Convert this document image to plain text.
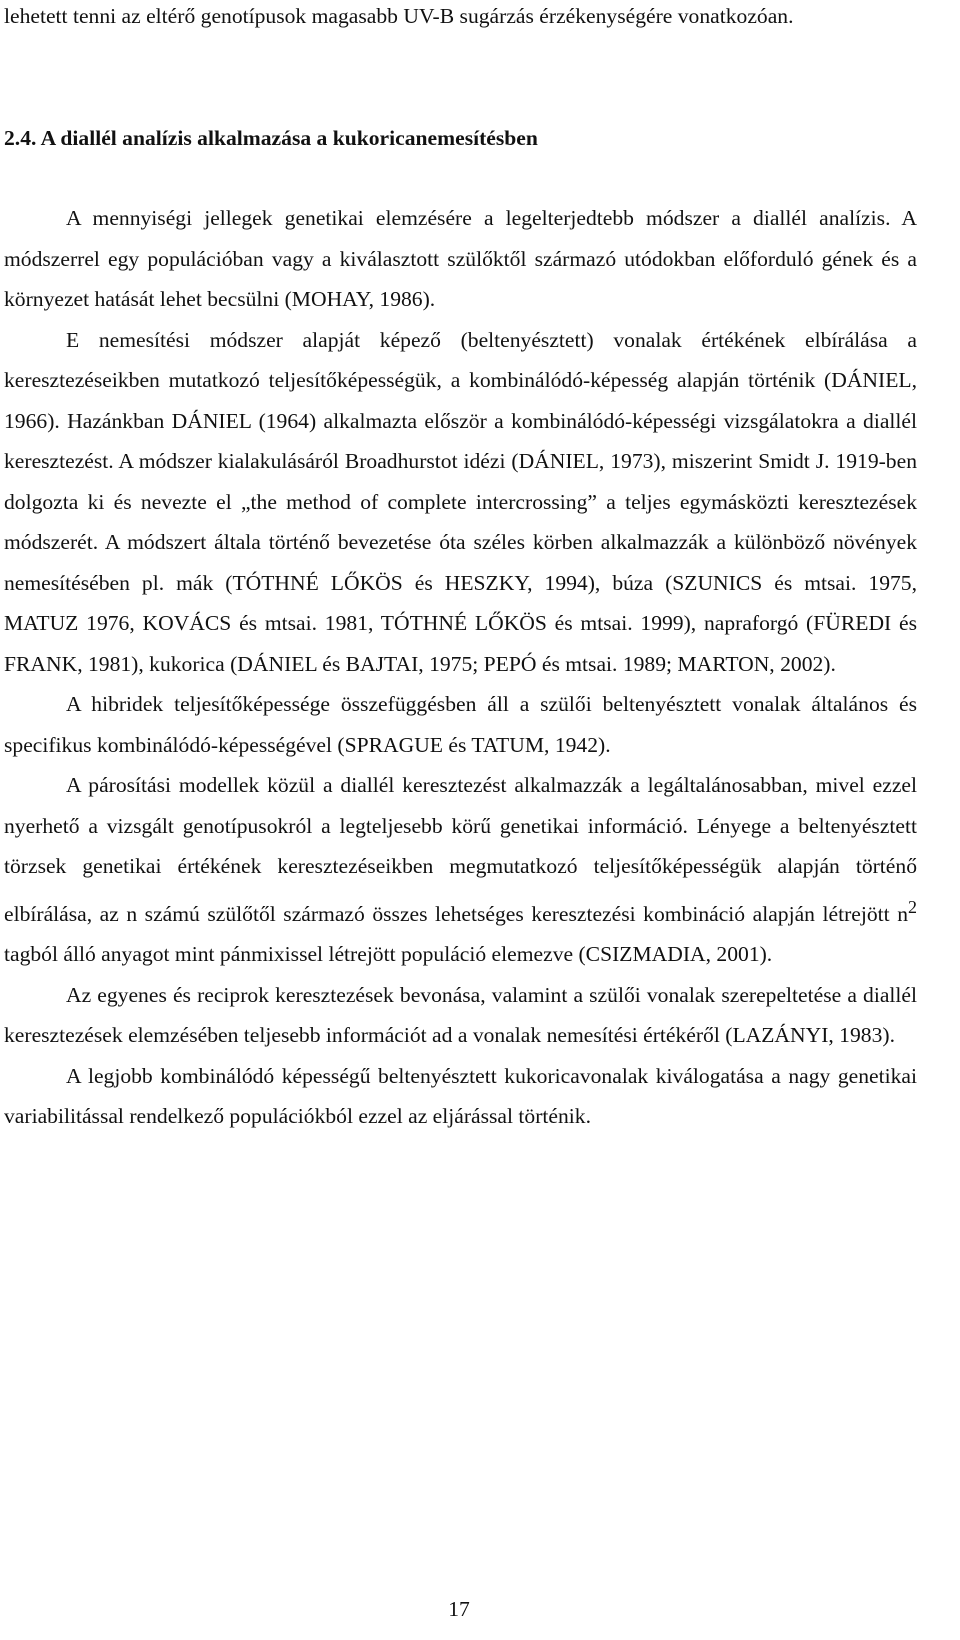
lehetett tenni az eltérő genotípusok magasabb UV-B sugárzás érzékenységére vonatkozóan.

2.4. A diallél analízis alkalmazása a kukoricanemesítésben

A mennyiségi jellegek genetikai elemzésére a legelterjedtebb módszer a diallél analízis. A módszerrel egy populációban vagy a kiválasztott szülőktől származó utódokban előforduló gének és a környezet hatását lehet becsülni (MOHAY, 1986).

E nemesítési módszer alapját képező (beltenyésztett) vonalak értékének elbírálása a keresztezéseikben mutatkozó teljesítőképességük, a kombinálódó-képesség alapján történik (DÁNIEL, 1966). Hazánkban DÁNIEL (1964) alkalmazta először a kombinálódó-képességi vizsgálatokra a diallél keresztezést. A módszer kialakulásáról Broadhurstot idézi (DÁNIEL, 1973), miszerint Smidt J. 1919-ben dolgozta ki és nevezte el „the method of complete intercrossing” a teljes egymásközti keresztezések módszerét. A módszert általa történő bevezetése óta széles körben alkalmazzák a különböző növények nemesítésében pl. mák (TÓTHNÉ LŐKÖS és HESZKY, 1994), búza (SZUNICS és mtsai. 1975, MATUZ 1976, KOVÁCS és mtsai. 1981, TÓTHNÉ LŐKÖS és mtsai. 1999), napraforgó (FÜREDI és FRANK, 1981), kukorica (DÁNIEL és BAJTAI, 1975; PEPÓ és mtsai. 1989; MARTON, 2002).

A hibridek teljesítőképessége összefüggésben áll a szülői beltenyésztett vonalak általános és specifikus kombinálódó-képességével (SPRAGUE és TATUM, 1942).

A párosítási modellek közül a diallél keresztezést alkalmazzák a legáltalánosabban, mivel ezzel nyerhető a vizsgált genotípusokról a legteljesebb körű genetikai információ. Lényege a beltenyésztett törzsek genetikai értékének keresztezéseikben megmutatkozó teljesítőképességük alapján történő elbírálása, az n számú szülőtől származó összes lehetséges keresztezési kombináció alapján létrejött $n^2$ tagból álló anyagot mint pánmixissel létrejött populáció elemezve (CSIZMADIA, 2001).

Az egyenes és reciprok keresztezések bevonása, valamint a szülői vonalak szerepeltetése a diallél keresztezések elemzésében teljesebb információt ad a vonalak nemesítési értékéről (LAZÁNYI, 1983).

A legjobb kombinálódó képességű beltenyésztett kukoricavonalak kiválogatása a nagy genetikai variabilitással rendelkező populációkból ezzel az eljárással történik.

17
